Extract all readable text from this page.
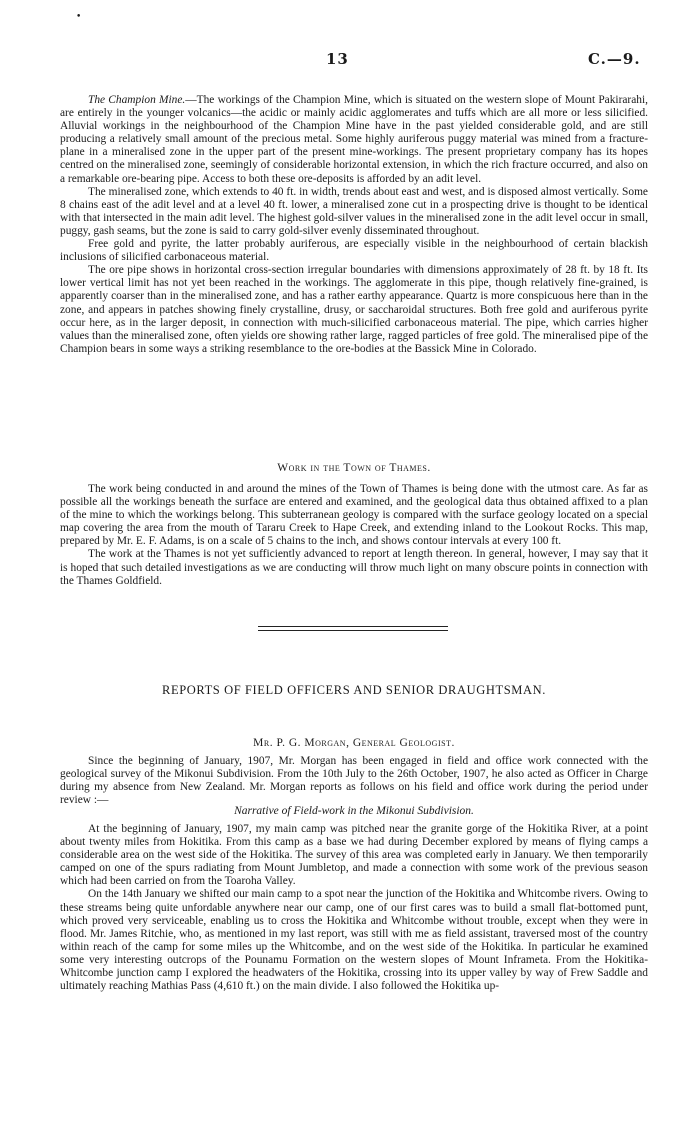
•
13	C.—9.

The Champion Mine.—The workings of the Champion Mine, which is situated on the western slope of Mount Pakirarahi, are entirely in the younger volcanics—the acidic or mainly acidic agglomerates and tuffs which are all more or less silicified. Alluvial workings in the neighbourhood of the Champion Mine have in the past yielded considerable gold, and are still producing a relatively small amount of the precious metal. Some highly auriferous puggy material was mined from a fracture-plane in a mineralised zone in the upper part of the present mine-workings. The present proprietary company has its hopes centred on the mineralised zone, seemingly of considerable horizontal extension, in which the rich fracture occurred, and also on a remarkable ore-bearing pipe. Access to both these ore-deposits is afforded by an adit level.

The mineralised zone, which extends to 40 ft. in width, trends about east and west, and is disposed almost vertically. Some 8 chains east of the adit level and at a level 40 ft. lower, a mineralised zone cut in a prospecting drive is thought to be identical with that intersected in the main adit level. The highest gold-silver values in the mineralised zone in the adit level occur in small, puggy, gash seams, but the zone is said to carry gold-silver evenly disseminated throughout.

Free gold and pyrite, the latter probably auriferous, are especially visible in the neighbourhood of certain blackish inclusions of silicified carbonaceous material.

The ore pipe shows in horizontal cross-section irregular boundaries with dimensions approximately of 28 ft. by 18 ft. Its lower vertical limit has not yet been reached in the workings. The agglomerate in this pipe, though relatively fine-grained, is apparently coarser than in the mineralised zone, and has a rather earthy appearance. Quartz is more conspicuous here than in the zone, and appears in patches showing finely crystalline, drusy, or saccharoidal structures. Both free gold and auriferous pyrite occur here, as in the larger deposit, in connection with much-silicified carbonaceous material. The pipe, which carries higher values than the mineralised zone, often yields ore showing rather large, ragged particles of free gold. The mineralised pipe of the Champion bears in some ways a striking resemblance to the ore-bodies at the Bassick Mine in Colorado.

Work in the Town of Thames.

The work being conducted in and around the mines of the Town of Thames is being done with the utmost care. As far as possible all the workings beneath the surface are entered and examined, and the geological data thus obtained affixed to a plan of the mine to which the workings belong. This subterranean geology is compared with the surface geology located on a special map covering the area from the mouth of Tararu Creek to Hape Creek, and extending inland to the Lookout Rocks. This map, prepared by Mr. E. F. Adams, is on a scale of 5 chains to the inch, and shows contour intervals at every 100 ft.

The work at the Thames is not yet sufficiently advanced to report at length thereon. In general, however, I may say that it is hoped that such detailed investigations as we are conducting will throw much light on many obscure points in connection with the Thames Goldfield.

REPORTS OF FIELD OFFICERS AND SENIOR DRAUGHTSMAN.
Mr. P. G. Morgan, General Geologist.

Since the beginning of January, 1907, Mr. Morgan has been engaged in field and office work connected with the geological survey of the Mikonui Subdivision. From the 10th July to the 26th October, 1907, he also acted as Officer in Charge during my absence from New Zealand. Mr. Morgan reports as follows on his field and office work during the period under review :—

Narrative of Field-work in the Mikonui Subdivision.

At the beginning of January, 1907, my main camp was pitched near the granite gorge of the Hokitika River, at a point about twenty miles from Hokitika. From this camp as a base we had during December explored by means of flying camps a considerable area on the west side of the Hokitika. The survey of this area was completed early in January. We then temporarily camped on one of the spurs radiating from Mount Jumbletop, and made a connection with some work of the previous season which had been carried on from the Toaroha Valley.

On the 14th January we shifted our main camp to a spot near the junction of the Hokitika and Whitcombe rivers. Owing to these streams being quite unfordable anywhere near our camp, one of our first cares was to build a small flat-bottomed punt, which proved very serviceable, enabling us to cross the Hokitika and Whitcombe without trouble, except when they were in flood. Mr. James Ritchie, who, as mentioned in my last report, was still with me as field assistant, traversed most of the country within reach of the camp for some miles up the Whitcombe, and on the west side of the Hokitika. In particular he examined some very interesting outcrops of the Pounamu Formation on the western slopes of Mount Inframeta. From the Hokitika-Whitcombe junction camp I explored the headwaters of the Hokitika, crossing into its upper valley by way of Frew Saddle and ultimately reaching Mathias Pass (4,610 ft.) on the main divide. I also followed the Hokitika up-
